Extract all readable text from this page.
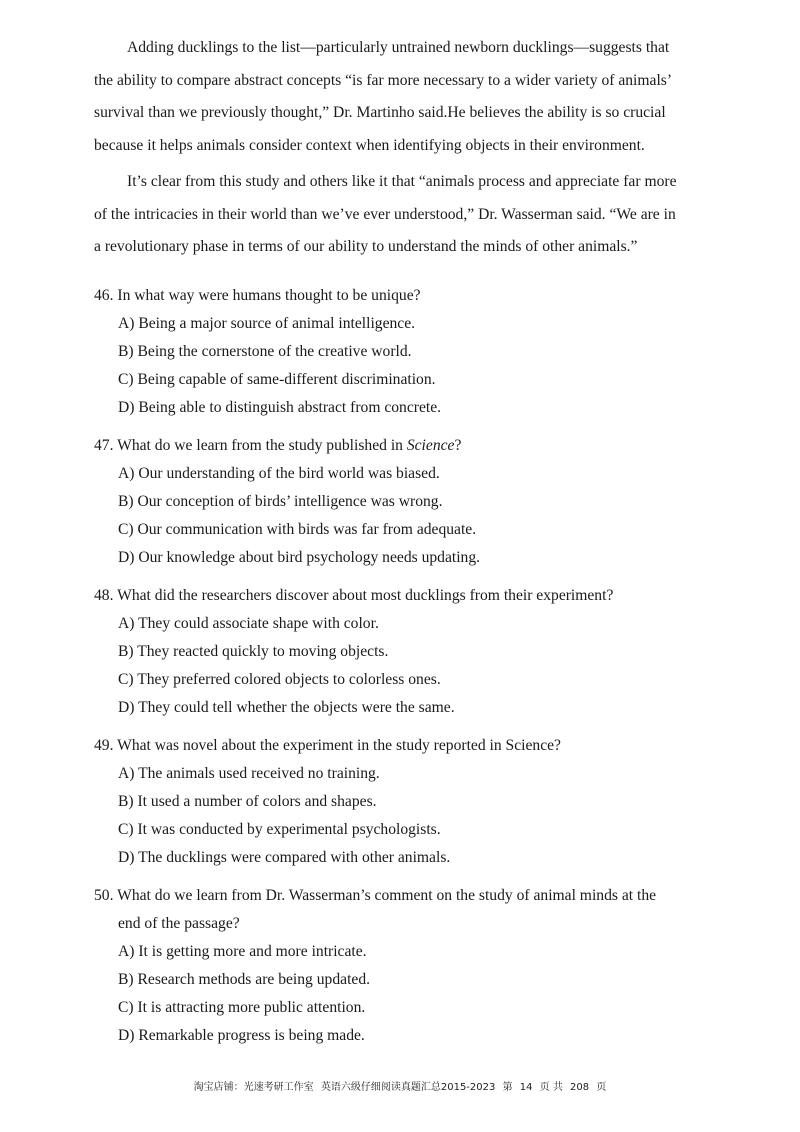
Adding ducklings to the list—particularly untrained newborn ducklings—suggests that
the ability to compare abstract concepts “is far more necessary to a wider variety of animals’
survival than we previously thought,” Dr. Martinho said.He believes the ability is so crucial
because it helps animals consider context when identifying objects in their environment.

It’s clear from this study and others like it that “animals process and appreciate far more
of the intricacies in their world than we’ve ever understood,” Dr. Wasserman said. “We are in
a revolutionary phase in terms of our ability to understand the minds of other animals.”

46. In what way were humans thought to be unique?
A) Being a major source of animal intelligence.
B) Being the cornerstone of the creative world.
C) Being capable of same-different discrimination.
D) Being able to distinguish abstract from concrete.
47. What do we learn from the study published in Science?
A) Our understanding of the bird world was biased.
B) Our conception of birds’ intelligence was wrong.
C) Our communication with birds was far from adequate.
D) Our knowledge about bird psychology needs updating.
48. What did the researchers discover about most ducklings from their experiment?
A) They could associate shape with color.
B) They reacted quickly to moving objects.
C) They preferred colored objects to colorless ones.
D) They could tell whether the objects were the same.
49. What was novel about the experiment in the study reported in Science?
A) The animals used received no training.
B) It used a number of colors and shapes.
C) It was conducted by experimental psychologists.
D) The ducklings were compared with other animals.
50. What do we learn from Dr. Wasserman’s comment on the study of animal minds at the
end of the passage?
A) It is getting more and more intricate.
B) Research methods are being updated.
C) It is attracting more public attention.
D) Remarkable progress is being made.
淘宝店铺：光速考研工作室 英语六级仔细阅读真题汇总2015-2023 第 14 页 共 208 页
